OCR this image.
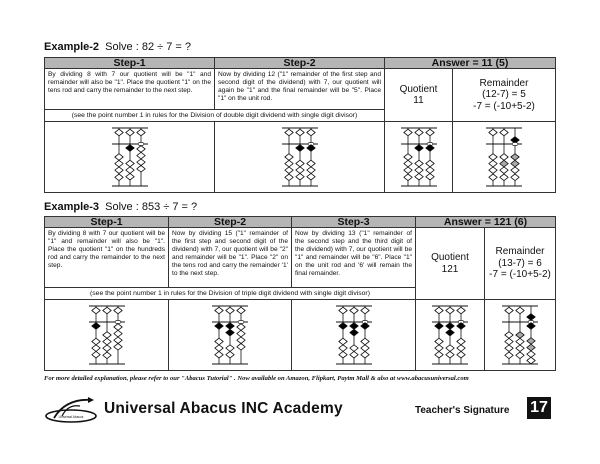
Example-2 Solve : 82 ÷ 7 = ?
Step-1	Step-2	Answer = 11 (5)	
By dividing 8 with 7 our quotient will be "1" and remainder will also be "1". Place the quotient "1" on the tens rod and carry the remainder to the next step.	Now by dividing 12 ("1" remainder of the first step and second digit of the dividend) with 7, our quotient will again be "1" and the final remainder will be "5". Place "1" on the unit rod.	
Quotient
11

Remainder
(12-7) = 5
-7 = (-10+5-2)

(see the point number 1 in rules for the Division of double digit dividend with single digit divisor)			

Example-3 Solve : 853 ÷ 7 = ?
Step-1	Step-2	Step-3	Answer = 121 (6)	
By dividing 8 with 7 our quotient will be "1" and remainder will also be "1". Place the quotient "1" on the hundreds rod and carry the remainder to the next step.	Now by dividing 15 ("1" remainder of the first step and second digit of the dividend) with 7, our quotient will be "2" and remainder will be "1". Place "2" on the tens rod and carry the remainder '1' to the next step.	Now by dividing 13 ("1" remainder of the second step and the third digit of the dividend) with 7, our quotient will be "1" and remainder will be "6". Place "1" on the unit rod and '6' will remain the final remainder.	
Quotient
121

Remainder
(13-7) = 6
-7 = (-10+5-2)

(see the point number 1 in rules for the Division of triple digit dividend with single digit divisor)				

For more detailed explanation, please refer to our "Abacus Tutorial" . Now available on Amazon, Flipkart, Paytm Mall & also at www.abacusuniversal.com
Universal Abacus Universal Abacus INC Academy	Teacher's Signature 17
